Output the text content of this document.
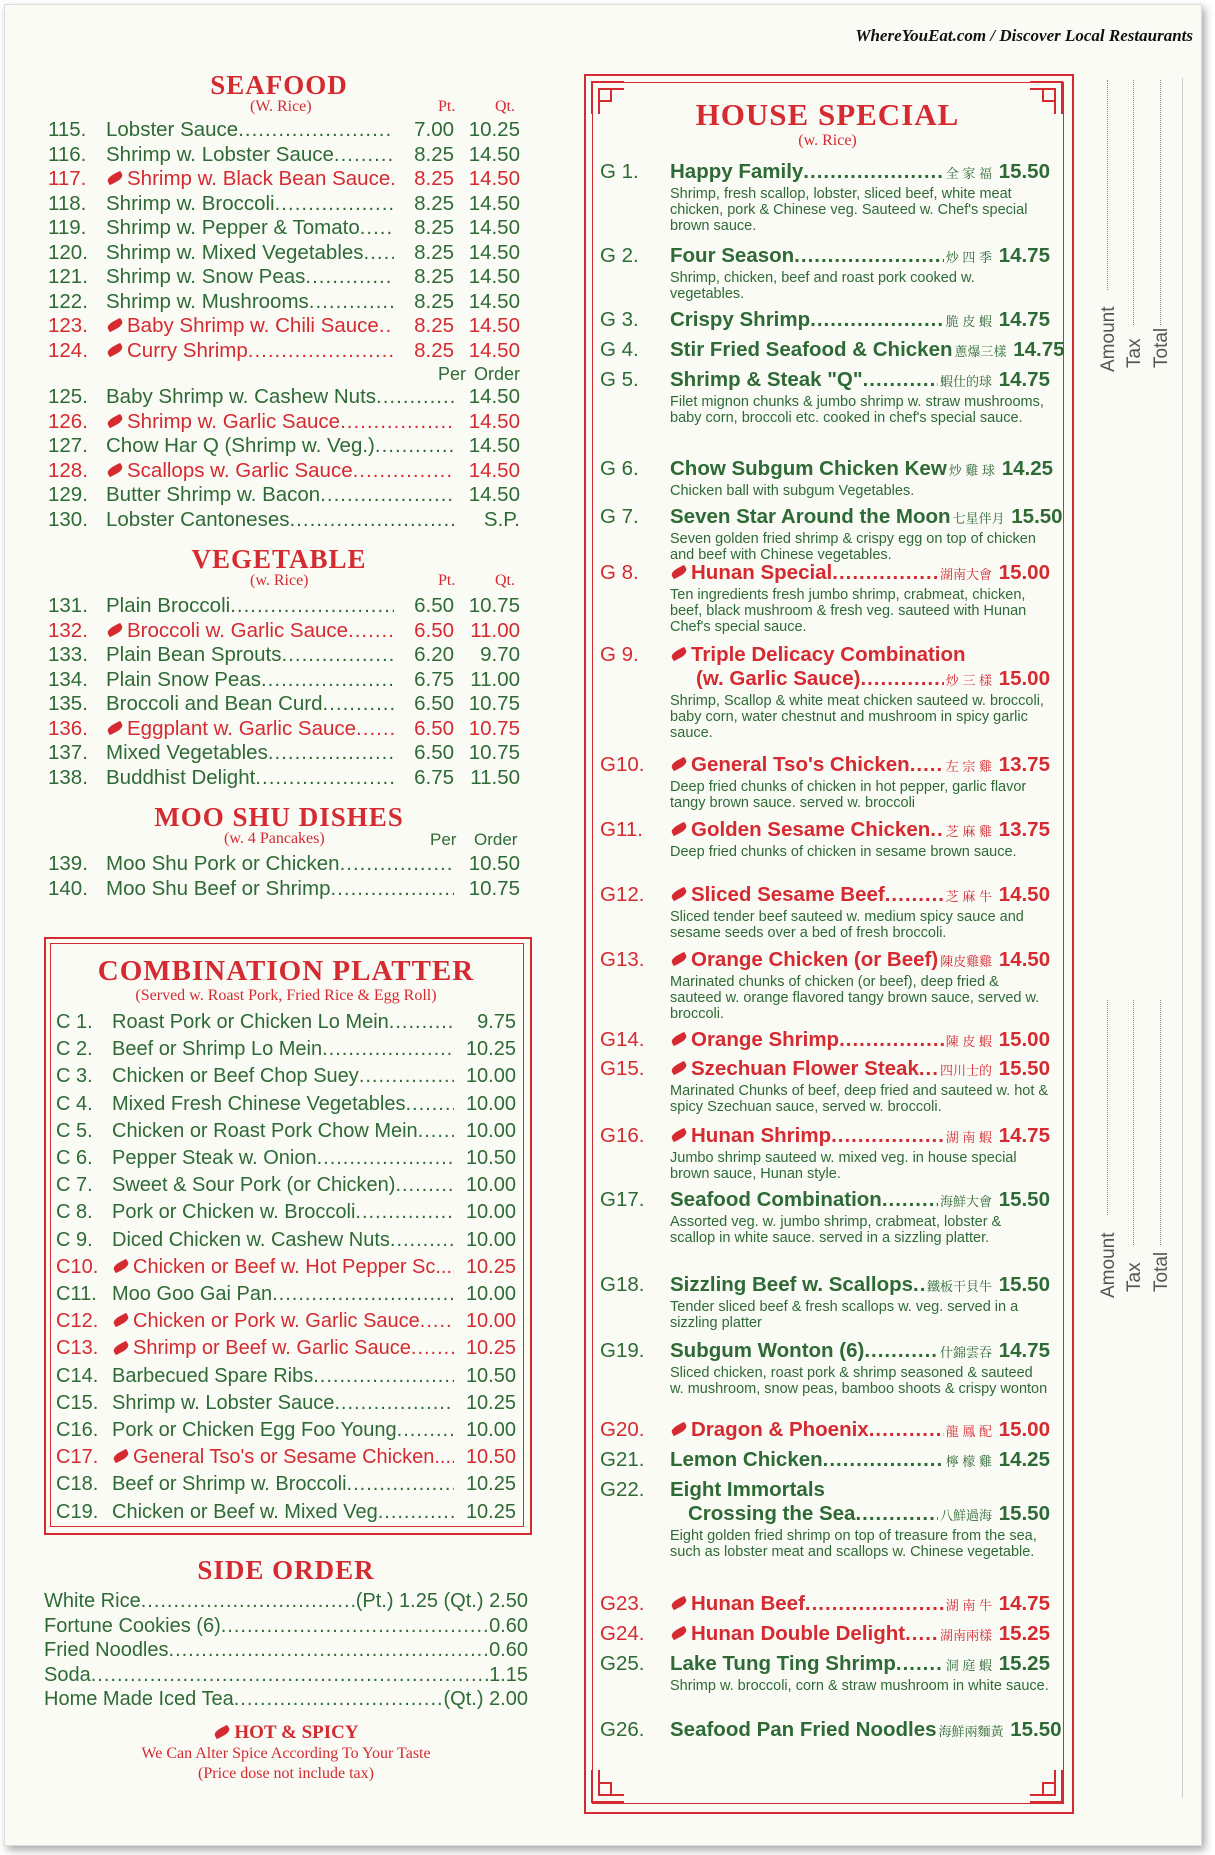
WhereYouEat.com / Discover Local Restaurants
SEAFOOD
(W. Rice)	Pt. Qt.
115. Lobster Sauce .....	7.00 10.25
116. Shrimp w. Lobster Sauce .....	8.25 14.50
117.	Shrimp w. Black Bean Sauce .....	8.25 14.50
118. Shrimp w. Broccoli .....	8.25 14.50
119. Shrimp w. Pepper & Tomato .....	8.25 14.50
120. Shrimp w. Mixed Vegetables .....	8.25 14.50
121. Shrimp w. Snow Peas .....	8.25 14.50
122. Shrimp w. Mushrooms .....	8.25 14.50
123.	Baby Shrimp w. Chili Sauce .....	8.25 14.50
124.	Curry Shrimp .....	8.25 14.50
Per Order
125. Baby Shrimp w. Cashew Nuts .....	14.50
126.	Shrimp w. Garlic Sauce .....	14.50
127. Chow Har Q (Shrimp w. Veg.) .....	14.50
128.	Scallops w. Garlic Sauce .....	14.50
129. Butter Shrimp w. Bacon .....	14.50
130. Lobster Cantoneses .....	S.P.
VEGETABLE
(w. Rice)	Pt. Qt.
131. Plain Broccoli .....	6.50 10.75
132.	Broccoli w. Garlic Sauce .....	6.50 11.00
133. Plain Bean Sprouts .....	6.20	9.70
134. Plain Snow Peas .....	6.75 11.00
135. Broccoli and Bean Curd .....	6.50 10.75
136.	Eggplant w. Garlic Sauce .....	6.50 10.75
137. Mixed Vegetables .....	6.50 10.75
138. Buddhist Delight .....	6.75 11.50
MOO SHU DISHES
(w. 4 Pancakes)	Per Order
139. Moo Shu Pork or Chicken .....	10.50
140. Moo Shu Beef or Shrimp .....	10.75
COMBINATION PLATTER
(Served w. Roast Pork, Fried Rice & Egg Roll)
C 1. Roast Pork or Chicken Lo Mein .....	9.75
C 2. Beef or Shrimp Lo Mein .....	10.25
C 3. Chicken or Beef Chop Suey .....	10.00
C 4. Mixed Fresh Chinese Vegetables .....	10.00
C 5. Chicken or Roast Pork Chow Mein .....	10.00
C 6. Pepper Steak w. Onion .....	10.50
C 7. Sweet & Sour Pork (or Chicken) .....	10.00
C 8. Pork or Chicken w. Broccoli .....	10.00
C 9. Diced Chicken w. Cashew Nuts .....	10.00
C10.	Chicken or Beef w. Hot Pepper Sc... ..... 10.25
C11. Moo Goo Gai Pan .....	10.00
C12.	Chicken or Pork w. Garlic Sauce .....	10.00
C13.	Shrimp or Beef w. Garlic Sauce .....	10.25
C14. Barbecued Spare Ribs .....	10.50
C15. Shrimp w. Lobster Sauce .....	10.25
C16. Pork or Chicken Egg Foo Young .....	10.00
C17.	General Tso's or Sesame Chicken... ..... 10.50
C18. Beef or Shrimp w. Broccoli .....	10.25
C19. Chicken or Beef w. Mixed Veg .....	10.25
SIDE ORDER
White Rice .....	(Pt.) 1.25 (Qt.) 2.50
Fortune Cookies (6) .....	0.60
Fried Noodles .....	0.60
Soda .....	1.15
Home Made Iced Tea .....	(Qt.) 2.00
HOT & SPICY
We Can Alter Spice According To Your Taste
(Price dose not include tax)
HOUSE SPECIAL
(w. Rice)
G 1.	Happy Family .....	全 家 福 15.50
Shrimp, fresh scallop, lobster, sliced beef, white meat chicken, pork & Chinese veg. Sauteed w. Chef's special brown sauce.
G 2.	Four Season .....	炒 四 季 14.75
Shrimp, chicken, beef and roast pork cooked w. vegetables.
G 3.	Crispy Shrimp .....	脆 皮 蝦 14.75
G 4.	Stir Fried Seafood & Chicken 蔥爆三樣 14.75
G 5.	Shrimp & Steak "Q" .....	蝦仕的球 14.75
Filet mignon chunks & jumbo shrimp w. straw mushrooms, baby corn, broccoli etc. cooked in chef's special sauce.
G 6.	Chow Subgum Chicken Kew 炒 雞 球 14.25
Chicken ball with subgum Vegetables.
G 7.	Seven Star Around the Moon 七星伴月 15.50
Seven golden fried shrimp & crispy egg on top of chicken and beef with Chinese vegetables.
G 8.	Hunan Special .....	湖南大會 15.00
Ten ingredients fresh jumbo shrimp, crabmeat, chicken, beef, black mushroom & fresh veg. sauteed with Hunan Chef's special sauce.
G 9.	Triple Delicacy Combination
(w. Garlic Sauce) .....	炒 三 樣 15.00
Shrimp, Scallop & white meat chicken sauteed w. broccoli, baby corn, water chestnut and mushroom in spicy garlic sauce.
G10.	General Tso's Chicken .....	左 宗 雞 13.75
Deep fried chunks of chicken in hot pepper, garlic flavor tangy brown sauce. served w. broccoli
G11.	Golden Sesame Chicken ..... 芝 麻 雞 13.75
Deep fried chunks of chicken in sesame brown sauce.
G12.	Sliced Sesame Beef .....	芝 麻 牛 14.50
Sliced tender beef sauteed w. medium spicy sauce and sesame seeds over a bed of fresh broccoli.
G13.	Orange Chicken (or Beef) 陳皮雞雞 14.50
Marinated chunks of chicken (or beef), deep fried & sauteed w. orange flavored tangy brown sauce, served w. broccoli.
G14.	Orange Shrimp .....	陳 皮 蝦 15.00
G15.	Szechuan Flower Steak ..... 四川士的 15.50
Marinated Chunks of beef, deep fried and sauteed w. hot & spicy Szechuan sauce, served w. broccoli.
G16.	Hunan Shrimp .....	湖 南 蝦 14.75
Jumbo shrimp sauteed w. mixed veg. in house special brown sauce, Hunan style.
G17.	Seafood Combination .....	海鮮大會 15.50
Assorted veg. w. jumbo shrimp, crabmeat, lobster & scallop in white sauce. served in a sizzling platter.
G18.	Sizzling Beef w. Scallops ..... 鐵板干貝牛 15.50
Tender sliced beef & fresh scallops w. veg. served in a sizzling platter
G19.	Subgum Wonton (6) .....	什錦雲吞 14.75
Sliced chicken, roast pork & shrimp seasoned & sauteed w. mushroom, snow peas, bamboo shoots & crispy wonton
G20.	Dragon & Phoenix .....	龍 鳳 配 15.00
G21.	Lemon Chicken .....	檸 檬 雞 14.25
G22.	Eight Immortals
Crossing the Sea .....	八鮮過海 15.50
Eight golden fried shrimp on top of treasure from the sea, such as lobster meat and scallops w. Chinese vegetable.
G23.	Hunan Beef .....	湖 南 牛 14.75
G24.	Hunan Double Delight .....	湖南兩樣 15.25
G25.	Lake Tung Ting Shrimp .....	洞 庭 蝦 15.25
Shrimp w. broccoli, corn & straw mushroom in white sauce.
G26.	Seafood Pan Fried Noodles 海鮮兩麵黃 15.50
Amount Tax Total
Amount Tax Total
